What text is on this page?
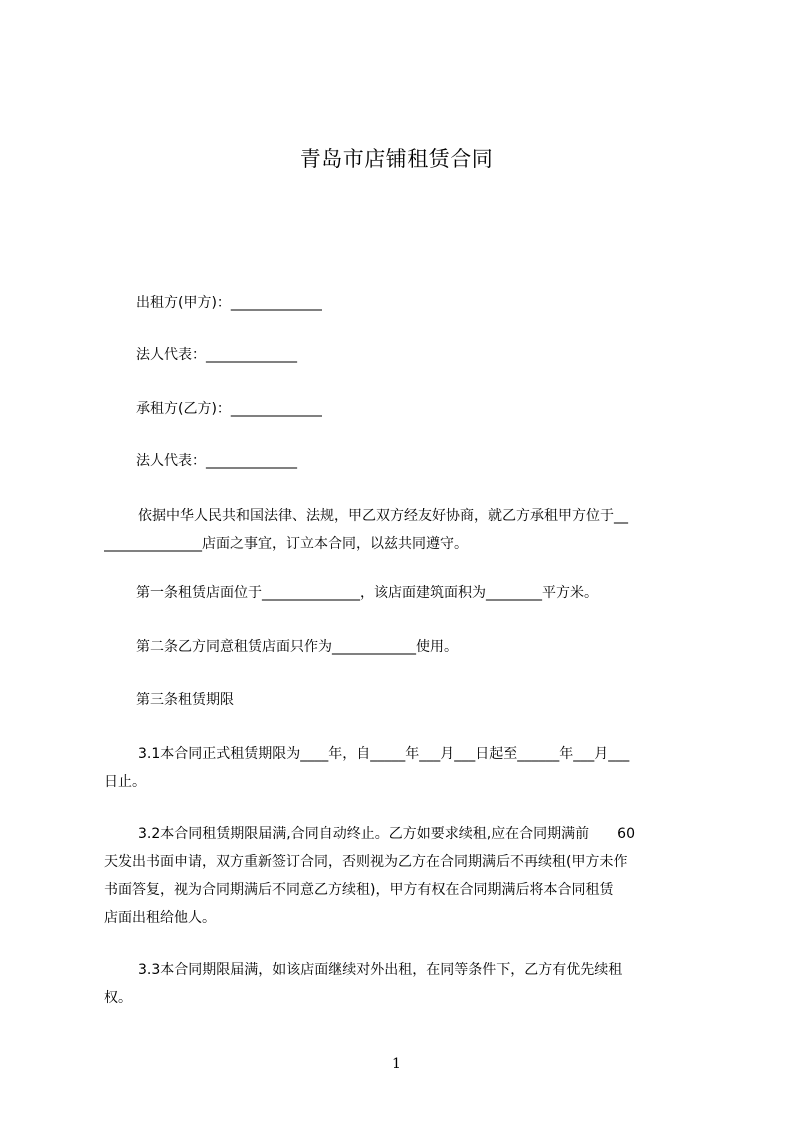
青岛市店铺租赁合同
出租方(甲方)：_____________
法人代表：_____________
承租方(乙方)：_____________
法人代表：_____________
依据中华人民共和国法律、法规，甲乙双方经友好协商，就乙方承租甲方位于__
______________店面之事宜，订立本合同，以兹共同遵守。
第一条租赁店面位于______________，该店面建筑面积为________平方米。
第二条乙方同意租赁店面只作为____________使用。
第三条租赁期限
3.1本合同正式租赁期限为____年，自_____年___月___日起至______年___月___
日止。
3.2本合同租赁期限届满,合同自动终止。乙方如要求续租,应在合同期满前　　60
天发出书面申请，双方重新签订合同，否则视为乙方在合同期满后不再续租(甲方未作
书面答复，视为合同期满后不同意乙方续租)，甲方有权在合同期满后将本合同租赁
店面出租给他人。
3.3本合同期限届满，如该店面继续对外出租，在同等条件下，乙方有优先续租
权。
1
